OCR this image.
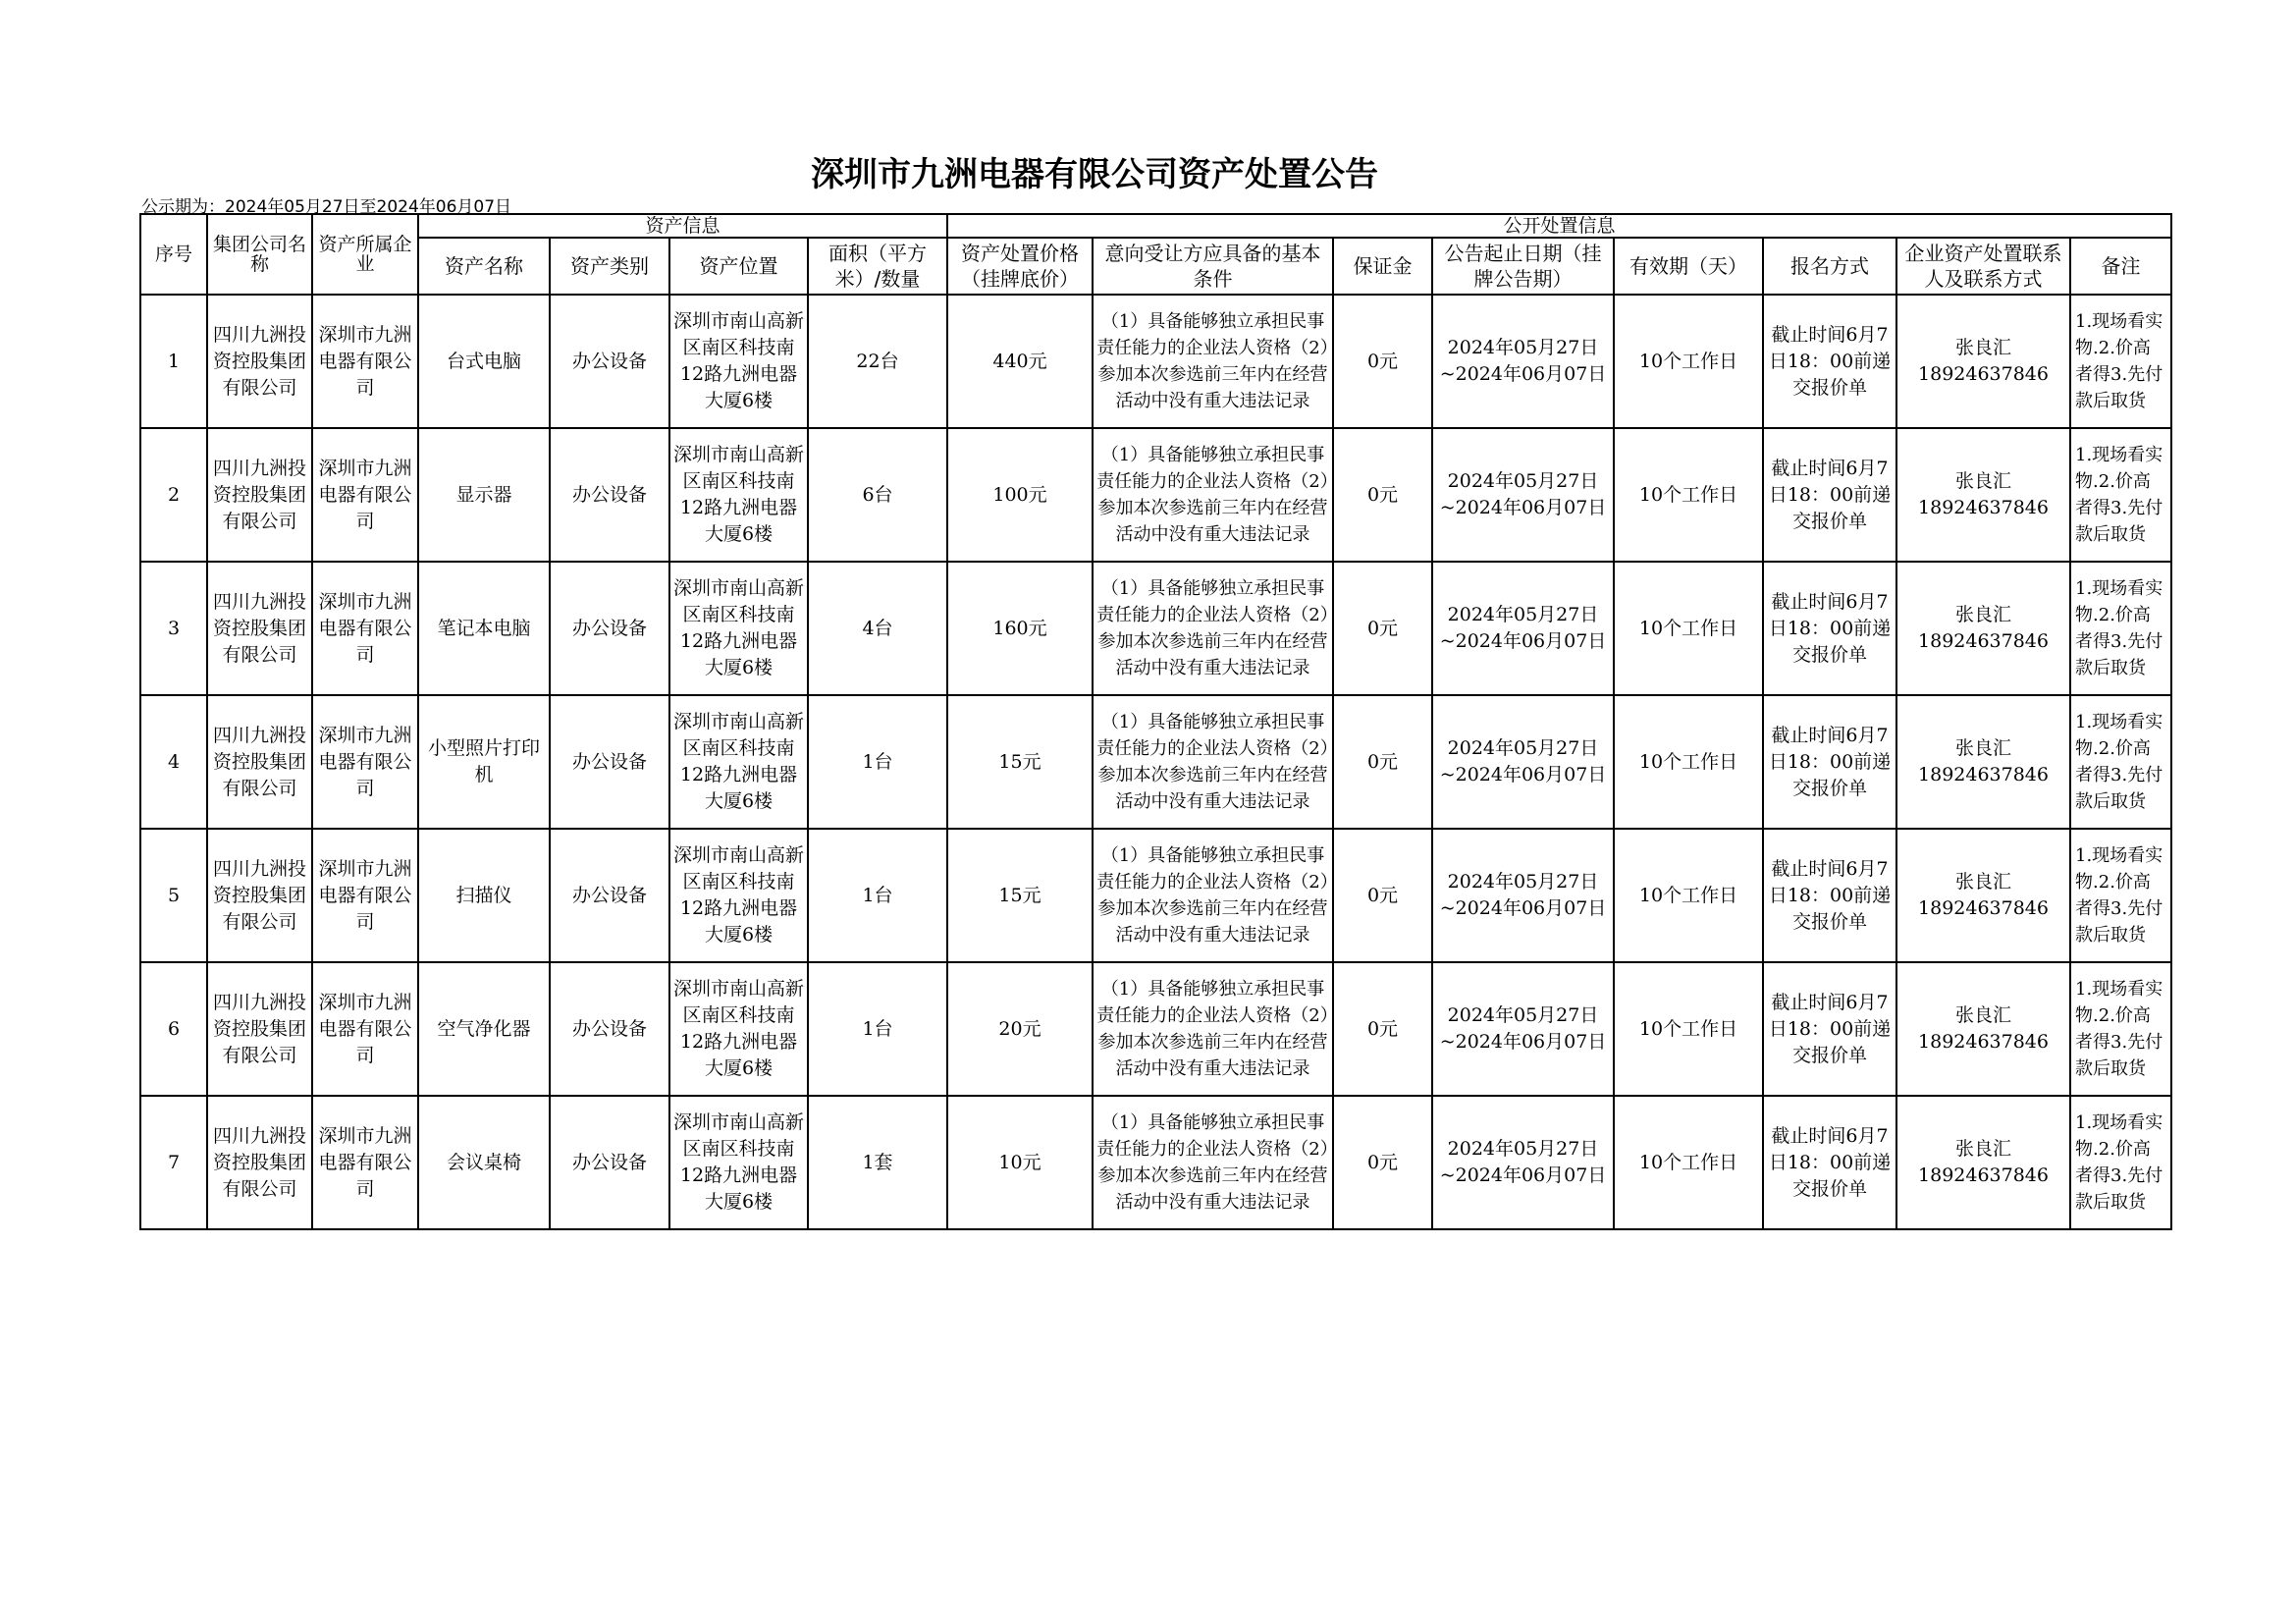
深圳市九洲电器有限公司资产处置公告
公示期为：2024年05月27日至2024年06月07日
序号	集团公司名称	资产所属企业	资产信息				公开处置信息							
			资产名称	资产类别	资产位置	面积（平方米）/数量	资产处置价格（挂牌底价）	意向受让方应具备的基本条件	保证金	公告起止日期（挂牌公告期）	有效期（天）	报名方式	企业资产处置联系人及联系方式	备注
1	四川九洲投资控股集团有限公司	深圳市九洲电器有限公司	台式电脑	办公设备	深圳市南山高新区南区科技南12路九洲电器大厦6楼	22台	440元	（1）具备能够独立承担民事责任能力的企业法人资格（2）参加本次参选前三年内在经营活动中没有重大违法记录	0元	2024年05月27日~2024年06月07日	10个工作日	截止时间6月7日18：00前递交报价单	张良汇 18924637846	1.现场看实物.2.价高者得3.先付款后取货
2	四川九洲投资控股集团有限公司	深圳市九洲电器有限公司	显示器	办公设备	深圳市南山高新区南区科技南12路九洲电器大厦6楼	6台	100元	（1）具备能够独立承担民事责任能力的企业法人资格（2）参加本次参选前三年内在经营活动中没有重大违法记录	0元	2024年05月27日~2024年06月07日	10个工作日	截止时间6月7日18：00前递交报价单	张良汇 18924637846	1.现场看实物.2.价高者得3.先付款后取货
3	四川九洲投资控股集团有限公司	深圳市九洲电器有限公司	笔记本电脑	办公设备	深圳市南山高新区南区科技南12路九洲电器大厦6楼	4台	160元	（1）具备能够独立承担民事责任能力的企业法人资格（2）参加本次参选前三年内在经营活动中没有重大违法记录	0元	2024年05月27日~2024年06月07日	10个工作日	截止时间6月7日18：00前递交报价单	张良汇 18924637846	1.现场看实物.2.价高者得3.先付款后取货
4	四川九洲投资控股集团有限公司	深圳市九洲电器有限公司	小型照片打印机	办公设备	深圳市南山高新区南区科技南12路九洲电器大厦6楼	1台	15元	（1）具备能够独立承担民事责任能力的企业法人资格（2）参加本次参选前三年内在经营活动中没有重大违法记录	0元	2024年05月27日~2024年06月07日	10个工作日	截止时间6月7日18：00前递交报价单	张良汇 18924637846	1.现场看实物.2.价高者得3.先付款后取货
5	四川九洲投资控股集团有限公司	深圳市九洲电器有限公司	扫描仪	办公设备	深圳市南山高新区南区科技南12路九洲电器大厦6楼	1台	15元	（1）具备能够独立承担民事责任能力的企业法人资格（2）参加本次参选前三年内在经营活动中没有重大违法记录	0元	2024年05月27日~2024年06月07日	10个工作日	截止时间6月7日18：00前递交报价单	张良汇 18924637846	1.现场看实物.2.价高者得3.先付款后取货
6	四川九洲投资控股集团有限公司	深圳市九洲电器有限公司	空气净化器	办公设备	深圳市南山高新区南区科技南12路九洲电器大厦6楼	1台	20元	（1）具备能够独立承担民事责任能力的企业法人资格（2）参加本次参选前三年内在经营活动中没有重大违法记录	0元	2024年05月27日~2024年06月07日	10个工作日	截止时间6月7日18：00前递交报价单	张良汇 18924637846	1.现场看实物.2.价高者得3.先付款后取货
7	四川九洲投资控股集团有限公司	深圳市九洲电器有限公司	会议桌椅	办公设备	深圳市南山高新区南区科技南12路九洲电器大厦6楼	1套	10元	（1）具备能够独立承担民事责任能力的企业法人资格（2）参加本次参选前三年内在经营活动中没有重大违法记录	0元	2024年05月27日~2024年06月07日	10个工作日	截止时间6月7日18：00前递交报价单	张良汇 18924637846	1.现场看实物.2.价高者得3.先付款后取货
